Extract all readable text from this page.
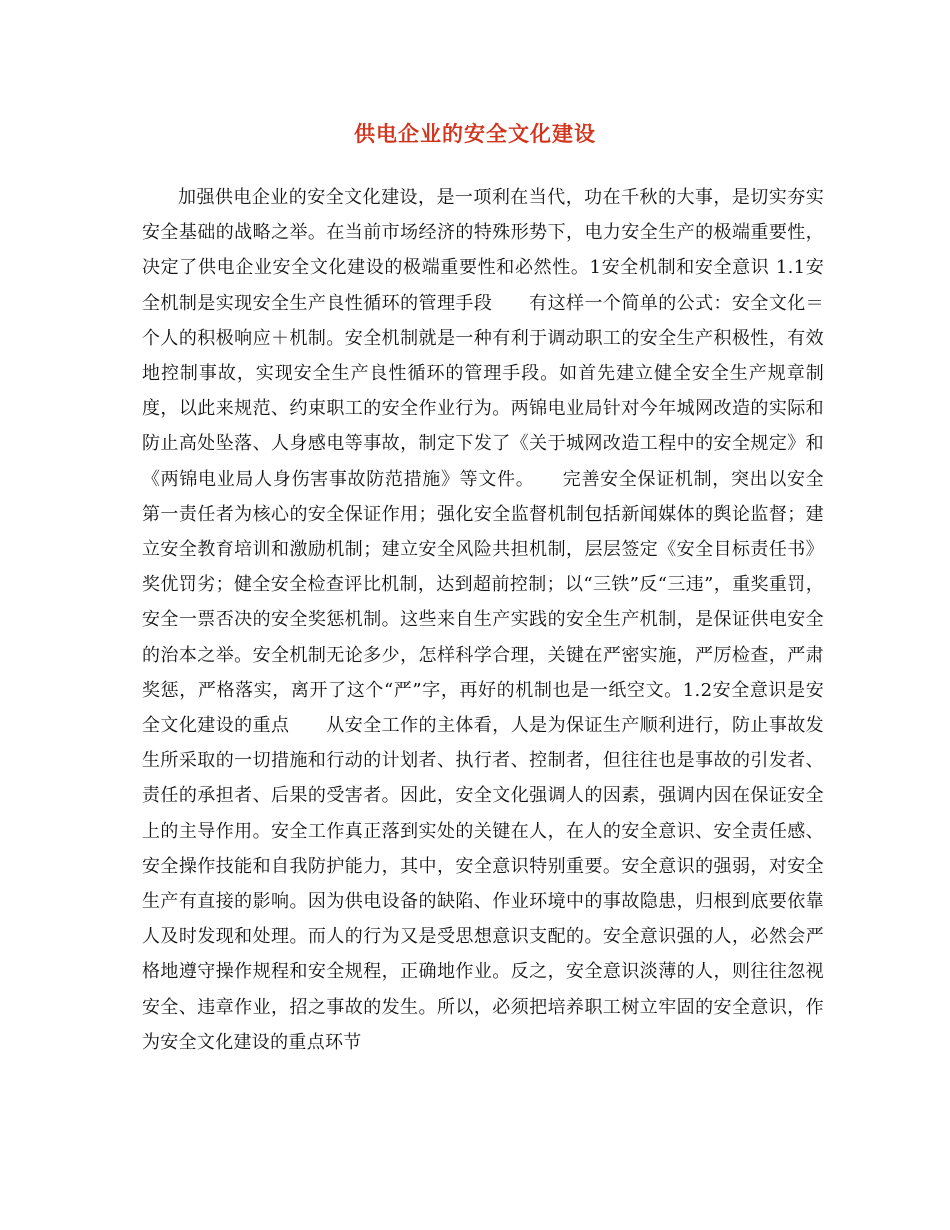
供电企业的安全文化建设

加强供电企业的安全文化建设，是一项利在当代，功在千秋的大事，是切实夯实安全基础的战略之举。在当前市场经济的特殊形势下，电力安全生产的极端重要性，决定了供电企业安全文化建设的极端重要性和必然性。1安全机制和安全意识 1.1安全机制是实现安全生产良性循环的管理手段　　有这样一个简单的公式：安全文化＝个人的积极响应＋机制。安全机制就是一种有利于调动职工的安全生产积极性，有效地控制事故，实现安全生产良性循环的管理手段。如首先建立健全安全生产规章制度，以此来规范、约束职工的安全作业行为。两锦电业局针对今年城网改造的实际和防止高处坠落、人身感电等事故，制定下发了《关于城网改造工程中的安全规定》和《两锦电业局人身伤害事故防范措施》等文件。　　完善安全保证机制，突出以安全第一责任者为核心的安全保证作用；强化安全监督机制包括新闻媒体的舆论监督；建立安全教育培训和激励机制；建立安全风险共担机制，层层签定《安全目标责任书》奖优罚劣；健全安全检查评比机制，达到超前控制；以“三铁”反“三违”，重奖重罚，安全一票否决的安全奖惩机制。这些来自生产实践的安全生产机制，是保证供电安全的治本之举。安全机制无论多少，怎样科学合理，关键在严密实施，严厉检查，严肃奖惩，严格落实，离开了这个“严”字，再好的机制也是一纸空文。1.2安全意识是安全文化建设的重点　　从安全工作的主体看，人是为保证生产顺利进行，防止事故发生所采取的一切措施和行动的计划者、执行者、控制者，但往往也是事故的引发者、责任的承担者、后果的受害者。因此，安全文化强调人的因素，强调内因在保证安全上的主导作用。安全工作真正落到实处的关键在人，在人的安全意识、安全责任感、安全操作技能和自我防护能力，其中，安全意识特别重要。安全意识的强弱，对安全生产有直接的影响。因为供电设备的缺陷、作业环境中的事故隐患，归根到底要依靠人及时发现和处理。而人的行为又是受思想意识支配的。安全意识强的人，必然会严格地遵守操作规程和安全规程，正确地作业。反之，安全意识淡薄的人，则往往忽视安全、违章作业，招之事故的发生。所以，必须把培养职工树立牢固的安全意识，作为安全文化建设的重点环节
